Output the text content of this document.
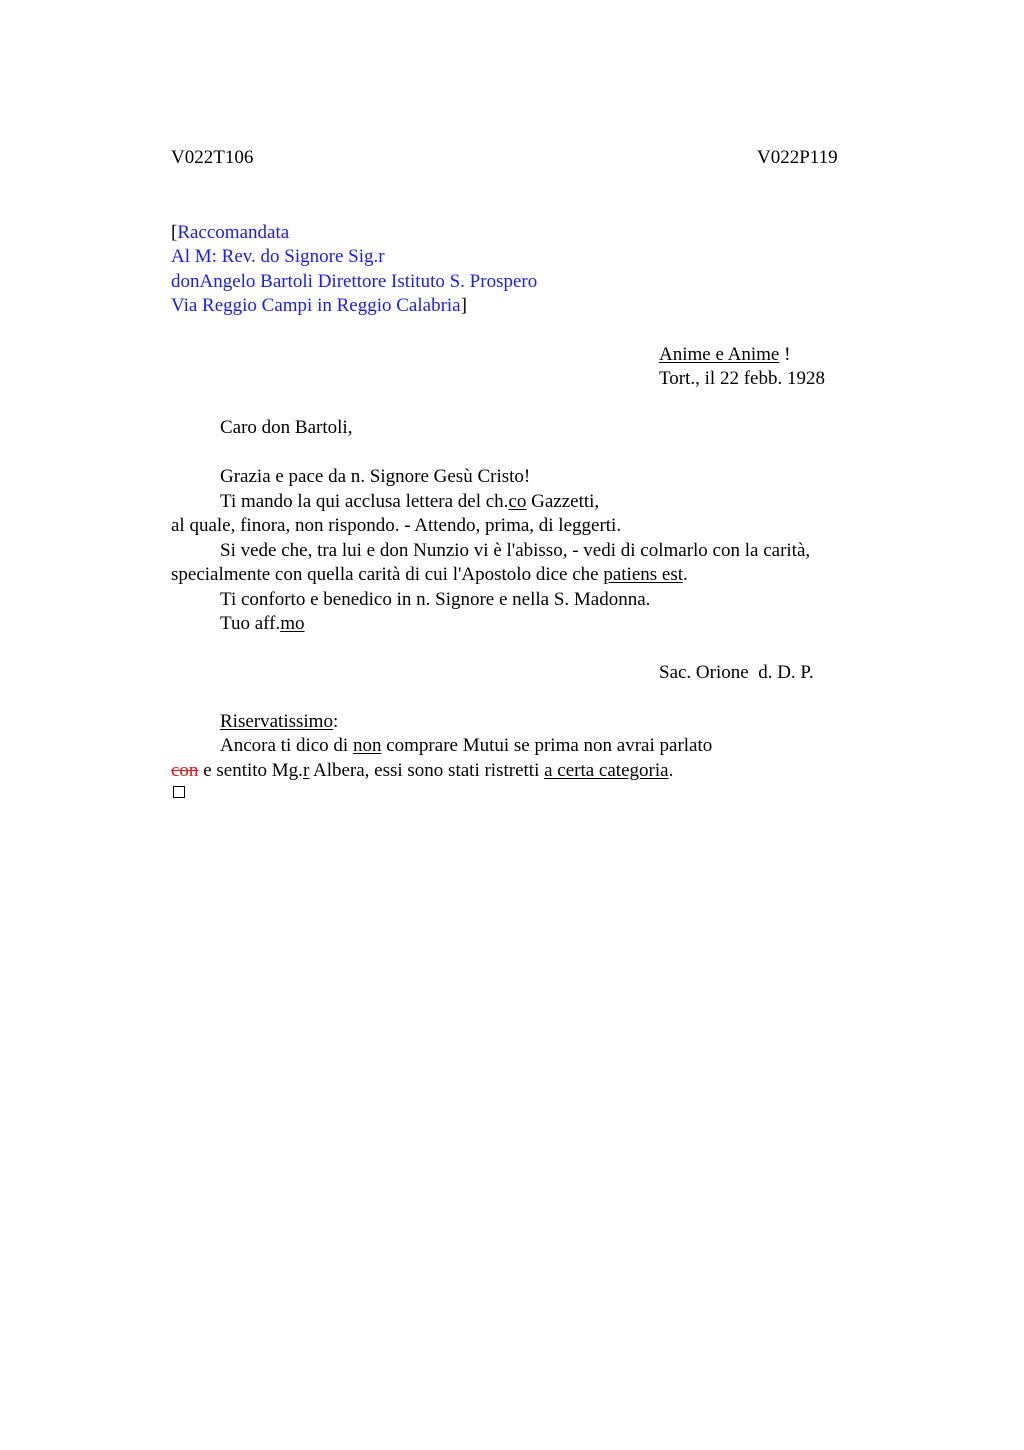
V022T106	V022P119
[Raccomandata
Al M: Rev. do Signore Sig.r
donAngelo Bartoli Direttore Istituto S. Prospero
Via Reggio Campi in Reggio Calabria]
Anime e Anime !
Tort., il 22 febb. 1928
Caro don Bartoli,
Grazia e pace da n. Signore Gesù Cristo!
Ti mando la qui acclusa lettera del ch.co Gazzetti,
al quale, finora, non rispondo. - Attendo, prima, di leggerti.
Si vede che, tra lui e don Nunzio vi è l'abisso, - vedi di colmarlo con la carità,
specialmente con quella carità di cui l'Apostolo dice che patiens est.
Ti conforto e benedico in n. Signore e nella S. Madonna.
Tuo aff.mo
Sac. Orione  d. D. P.
Riservatissimo:
Ancora ti dico di non comprare Mutui se prima non avrai parlato
con e sentito Mg.r Albera, essi sono stati ristretti a certa categoria.
